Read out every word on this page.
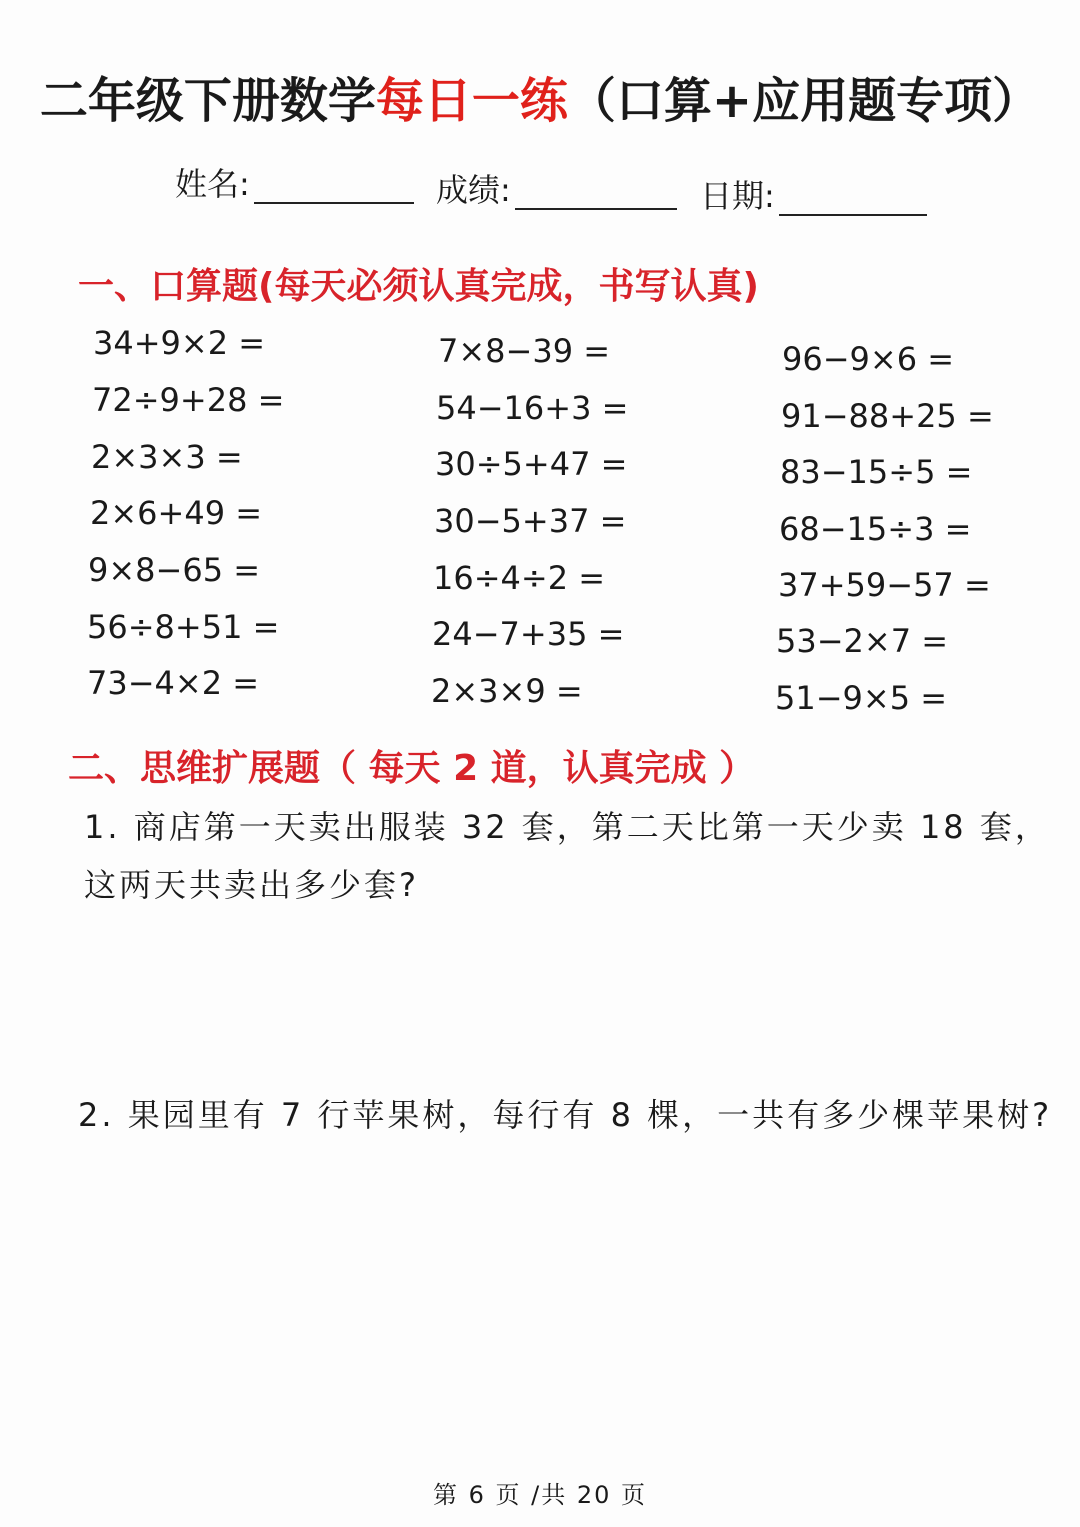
二年级下册数学每日一练（口算+应用题专项）
姓名:	成绩:	日期:
一、口算题(每天必须认真完成，书写认真)
34+9×2 =
72÷9+28 =
2×3×3 =
2×6+49 =
9×8−65 =
56÷8+51 =
73−4×2 =
7×8−39 =
54−16+3 =
30÷5+47 =
30−5+37 =
16÷4÷2 =
24−7+35 =
2×3×9 =
96−9×6 =
91−88+25 =
83−15÷5 =
68−15÷3 =
37+59−57 =
53−2×7 =
51−9×5 =
二、思维扩展题（ 每天 2 道，认真完成 ）
1. 商店第一天卖出服装 32 套，第二天比第一天少卖 18 套，
这两天共卖出多少套?
2. 果园里有 7 行苹果树，每行有 8 棵，一共有多少棵苹果树?
第 6 页 /共 20 页
